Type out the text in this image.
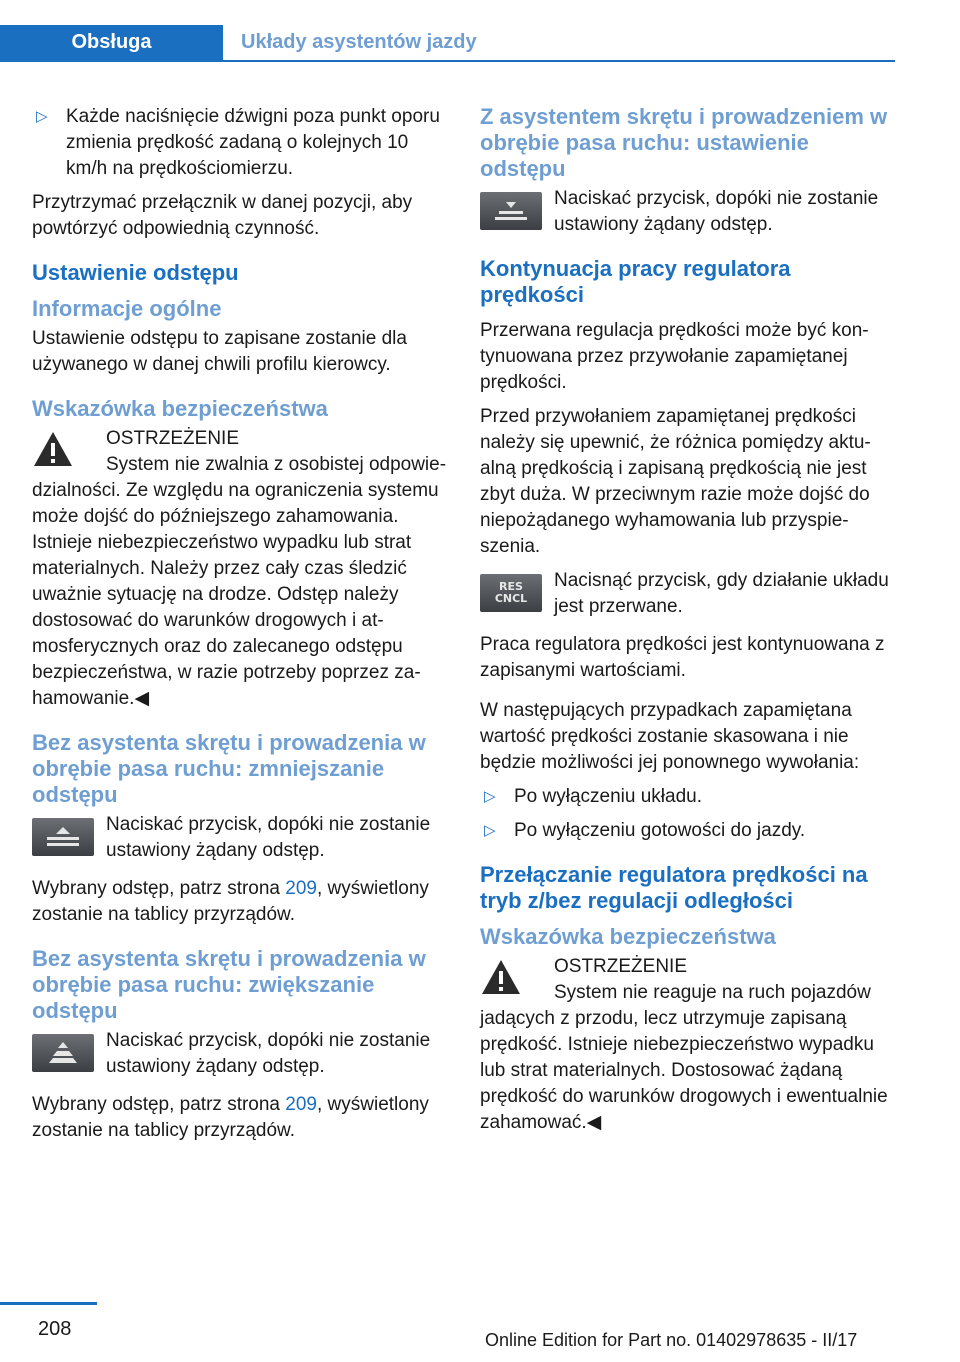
Obsługa	Układy asystentów jazdy
▷ Każde naciśnięcie dźwigni poza punkt oporu zmienia prędkość zadaną o kolejnych 10 km/h na prędkościomierzu.

Przytrzymać przełącznik w danej pozycji, aby powtórzyć odpowiednią czynność.

Ustawienie odstępu
Informacje ogólne

Ustawienie odstępu to zapisane zostanie dla używanego w danej chwili profilu kierowcy.

Wskazówka bezpieczeństwa
OSTRZEŻENIE
System nie zwalnia z osobistej odpowiedzialności. Ze względu na ograniczenia systemu może dojść do późniejszego zahamowania. Istnieje niebezpieczeństwo wypadku lub strat materialnych. Należy przez cały czas śledzić uważnie sytuację na drodze. Odstęp należy dostosować do warunków drogowych i atmosferycznych oraz do zalecanego odstępu bezpieczeństwa, w razie potrzeby poprzez zahamowanie.◀
Bez asystenta skrętu i prowadzenia w obrębie pasa ruchu: zmniejszanie odstępu
Naciskać przycisk, dopóki nie zostanie ustawiony żądany odstęp.

Wybrany odstęp, patrz strona 209, wyświetlony zostanie na tablicy przyrządów.

Bez asystenta skrętu i prowadzenia w obrębie pasa ruchu: zwiększanie odstępu
Naciskać przycisk, dopóki nie zostanie ustawiony żądany odstęp.

Wybrany odstęp, patrz strona 209, wyświetlony zostanie na tablicy przyrządów.

Z asystentem skrętu i prowadzeniem w obrębie pasa ruchu: ustawienie odstępu
Naciskać przycisk, dopóki nie zostanie ustawiony żądany odstęp.
Kontynuacja pracy regulatora prędkości

Przerwana regulacja prędkości może być kontynuowana przez przywołanie zapamiętanej prędkości.

Przed przywołaniem zapamiętanej prędkości należy się upewnić, że różnica pomiędzy aktualną prędkością i zapisaną prędkością nie jest zbyt duża. W przeciwnym razie może dojść do niepożądanego wyhamowania lub przyspieszenia.

RES
CNCL
Nacisnąć przycisk, gdy działanie układu jest przerwane.

Praca regulatora prędkości jest kontynuowana z zapisanymi wartościami.

W następujących przypadkach zapamiętana wartość prędkości zostanie skasowana i nie będzie możliwości jej ponownego wywołania:

▷ Po wyłączeniu układu.
▷ Po wyłączeniu gotowości do jazdy.
Przełączanie regulatora prędkości na tryb z/bez regulacji odległości
Wskazówka bezpieczeństwa
OSTRZEŻENIE
System nie reaguje na ruch pojazdów jadących z przodu, lecz utrzymuje zapisaną prędkość. Istnieje niebezpieczeństwo wypadku lub strat materialnych. Dostosować żądaną prędkość do warunków drogowych i ewentualnie zahamować.◀
208	Online Edition for Part no. 01402978635 - II/17
